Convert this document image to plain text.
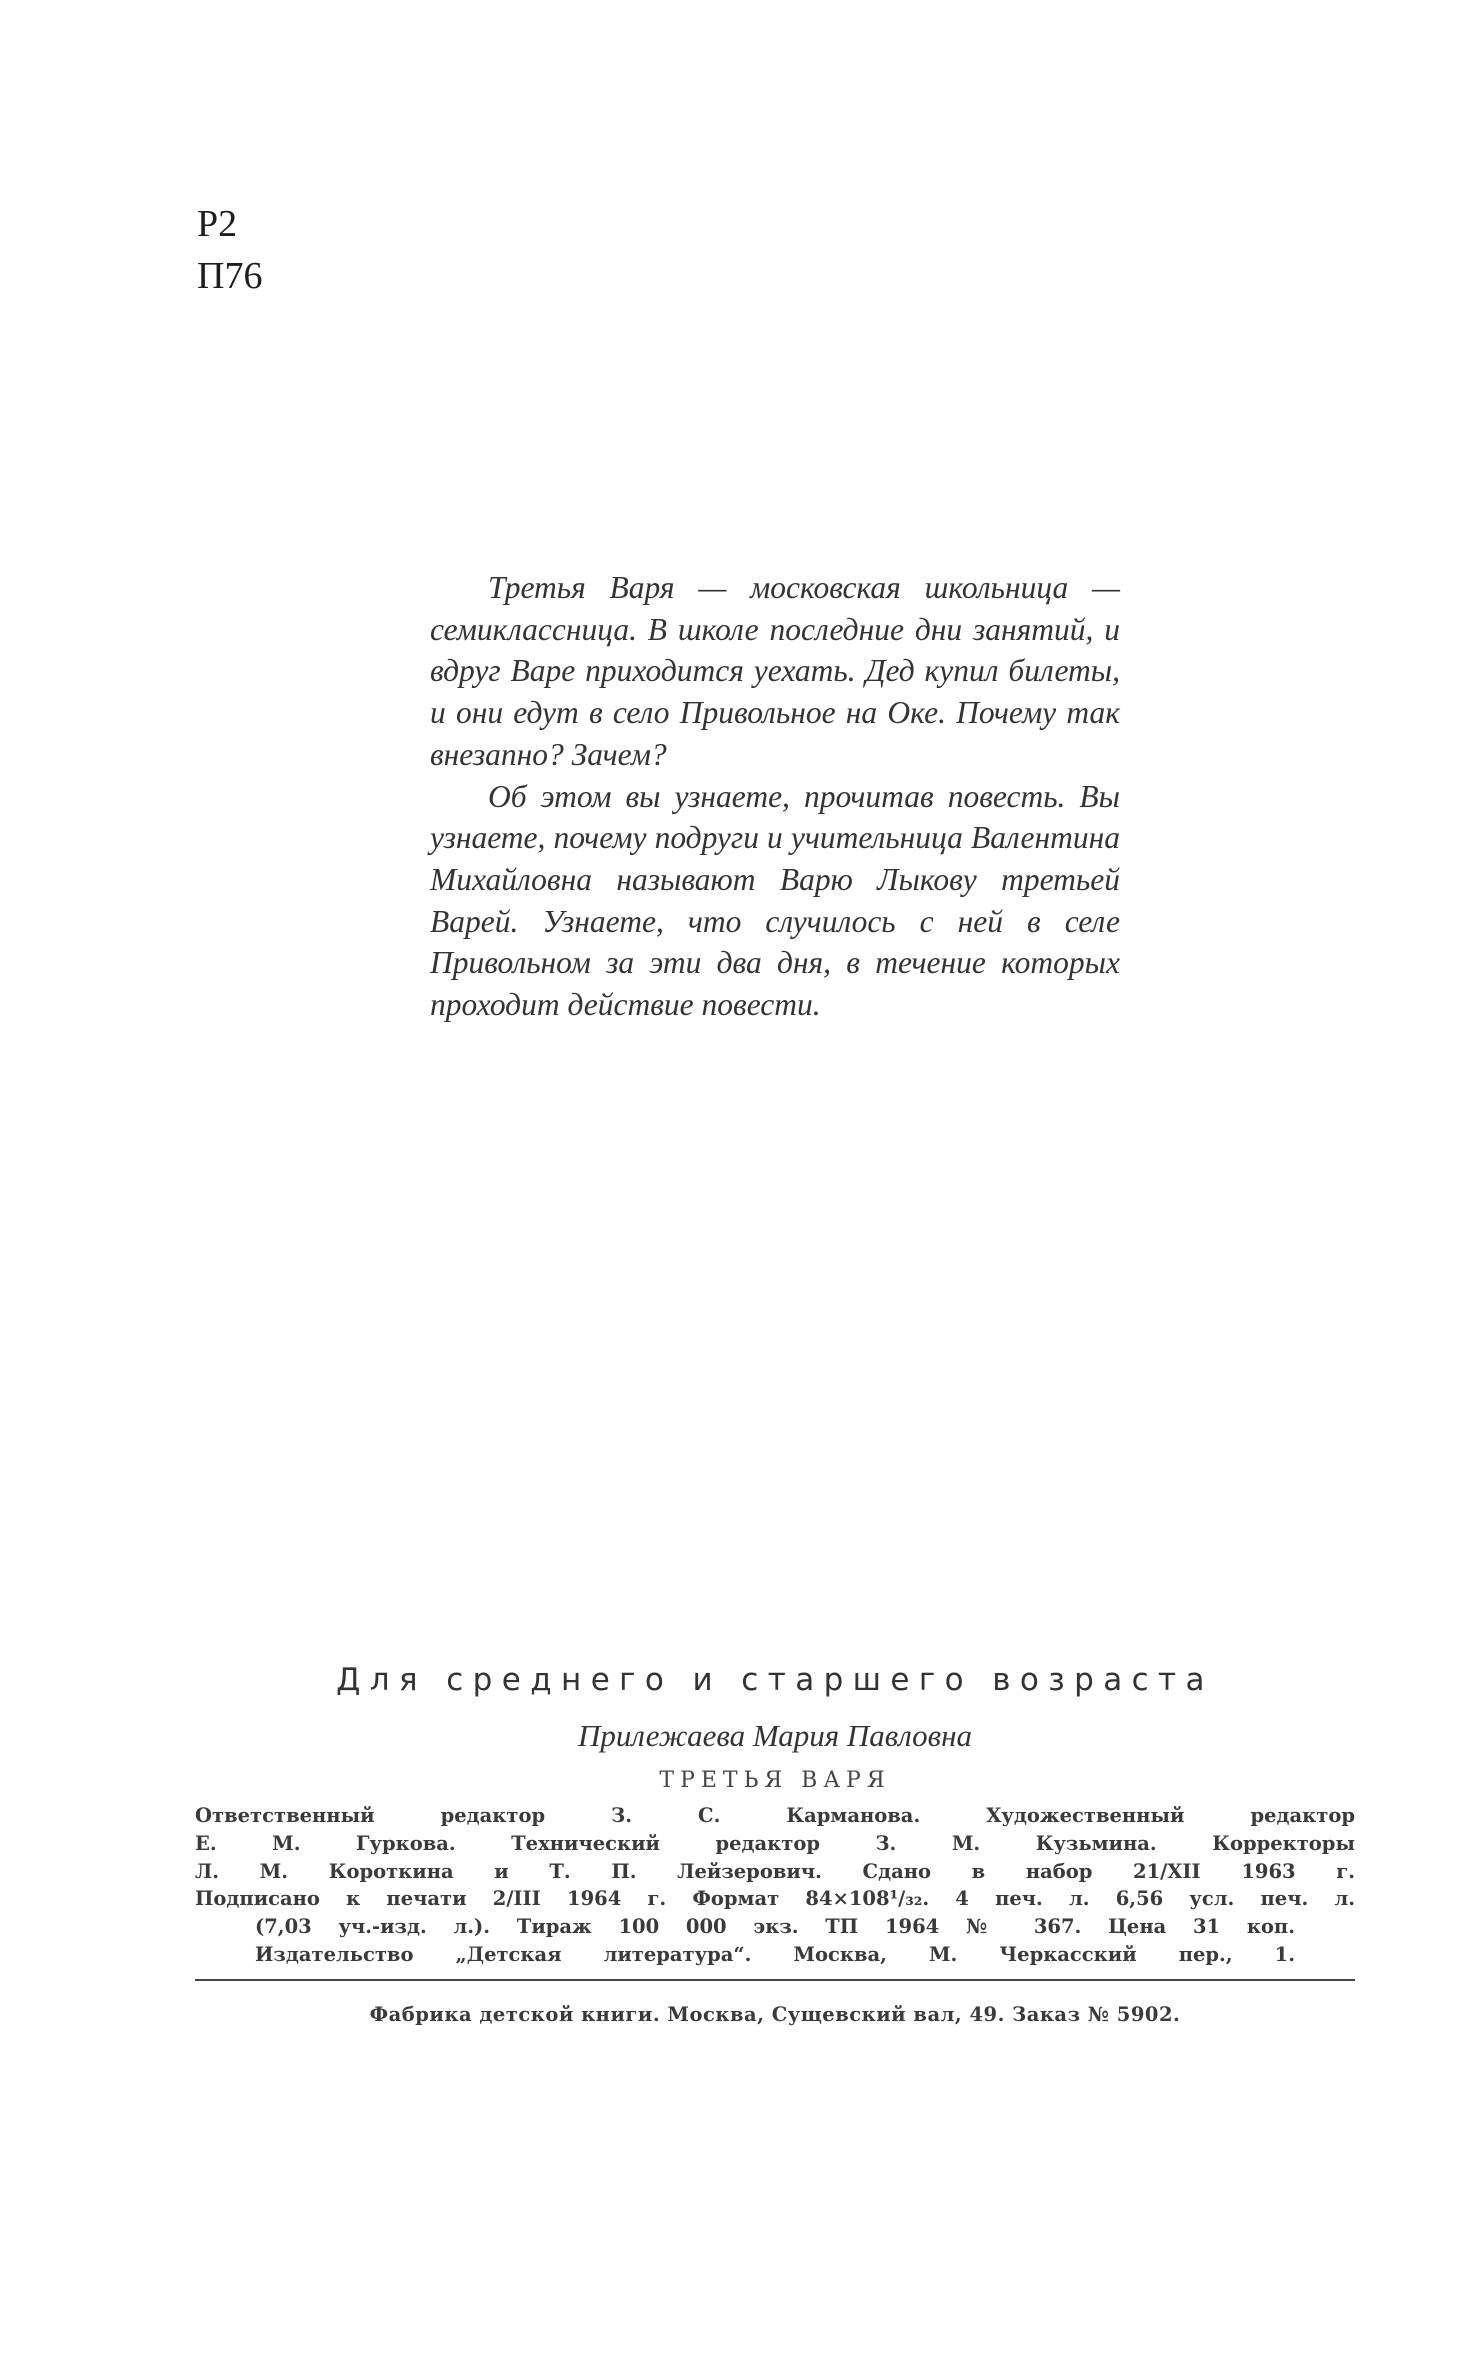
Р2
П76

Третья Варя — московская школьница — семиклассница. В школе последние дни занятий, и вдруг Варе приходится уехать. Дед купил билеты, и они едут в село Привольное на Оке. Почему так внезапно? Зачем?

Об этом вы узнаете, прочитав повесть. Вы узнаете, почему подруги и учительница Валентина Михайловна называют Варю Лыкову третьей Варей. Узнаете, что случилось с ней в селе Привольном за эти два дня, в течение которых проходит действие повести.

Для среднего и старшего возраста
Прилежаева Мария Павловна
ТРЕТЬЯ ВАРЯ
Ответственный редактор З. С. Карманова. Художественный редактор
Е. М. Гуркова. Технический редактор З. М. Кузьмина. Корректоры
Л. М. Короткина и Т. П. Лейзерович. Сдано в набор 21/XII 1963 г.
Подписано к печати 2/III 1964 г. Формат 84×108¹/₃₂. 4 печ. л. 6,56 усл. печ. л.
(7,03 уч.-изд. л.). Тираж 100 000 экз. ТП 1964 № 367. Цена 31 коп.
Издательство „Детская литература“. Москва, М. Черкасский пер., 1.
Фабрика детской книги. Москва, Сущевский вал, 49. Заказ № 5902.
